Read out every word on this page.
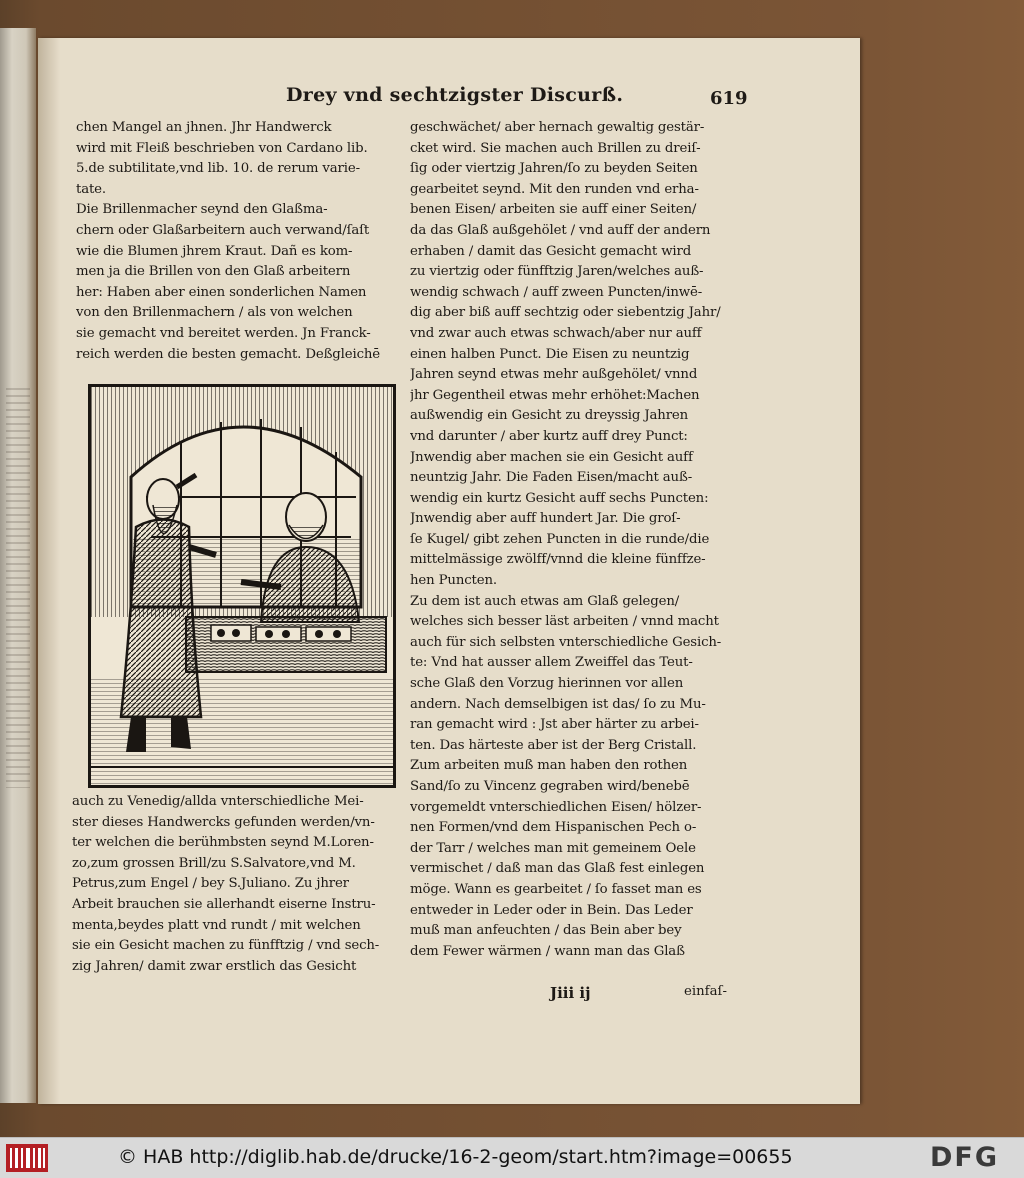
Drey vnd sechtzigster Discurß.	619
chen Mangel an jhnen. Jhr Handwerck
wird mit Fleiß beschrieben von Cardano lib.
5.de subtilitate,vnd lib. 10. de rerum varie-
tate.
Die Brillenmacher seynd den Glaßma-
chern oder Glaßarbeitern auch verwand/ſaſt
wie die Blumen jhrem Kraut. Dañ es kom-
men ja die Brillen von den Glaß arbeitern
her: Haben aber einen sonderlichen Namen
von den Brillenmachern / als von welchen
sie gemacht vnd bereitet werden. Jn Franck-
reich werden die besten gemacht. Deßgleichē
auch zu Venedig/allda vnterschiedliche Mei-
ster dieses Handwercks gefunden werden/vn-
ter welchen die berühmbsten seynd M.Loren-
zo,zum grossen Brill/zu S.Salvatore,vnd M.
Petrus,zum Engel / bey S.Juliano. Zu jhrer
Arbeit brauchen sie allerhandt eiserne Instru-
menta,beydes platt vnd rundt / mit welchen
sie ein Gesicht machen zu fünfftzig / vnd sech-
zig Jahren/ damit zwar erstlich das Gesicht
geschwächet/ aber hernach gewaltig gestär-
cket wird. Sie machen auch Brillen zu dreiſ-
ſig oder viertzig Jahren/ſo zu beyden Seiten
gearbeitet seynd. Mit den runden vnd erha-
benen Eisen/ arbeiten sie auff einer Seiten/
da das Glaß außgehölet / vnd auff der andern
erhaben / damit das Gesicht gemacht wird
zu viertzig oder fünfftzig Jaren/welches auß-
wendig schwach / auff zween Puncten/inwē-
dig aber biß auff sechtzig oder siebentzig Jahr/
vnd zwar auch etwas schwach/aber nur auff
einen halben Punct. Die Eisen zu neuntzig
Jahren seynd etwas mehr außgehölet/ vnnd
jhr Gegentheil etwas mehr erhöhet:Machen
außwendig ein Gesicht zu dreyssig Jahren
vnd darunter / aber kurtz auff drey Punct:
Jnwendig aber machen sie ein Gesicht auff
neuntzig Jahr. Die Faden Eisen/macht auß-
wendig ein kurtz Gesicht auff sechs Puncten:
Jnwendig aber auff hundert Jar. Die groſ-
ſe Kugel/ gibt zehen Puncten in die runde/die
mittelmässige zwölff/vnnd die kleine fünffze-
hen Puncten.
Zu dem ist auch etwas am Glaß gelegen/
welches sich besser läst arbeiten / vnnd macht
auch für sich selbsten vnterschiedliche Gesich-
te: Vnd hat ausser allem Zweiffel das Teut-
sche Glaß den Vorzug hierinnen vor allen
andern. Nach demselbigen ist das/ ſo zu Mu-
ran gemacht wird : Jst aber härter zu arbei-
ten. Das härteste aber ist der Berg Cristall.
Zum arbeiten muß man haben den rothen
Sand/ſo zu Vincenz gegraben wird/benebē
vorgemeldt vnterschiedlichen Eisen/ hölzer-
nen Formen/vnd dem Hispanischen Pech o-
der Tarr / welches man mit gemeinem Oele
vermischet / daß man das Glaß fest einlegen
möge. Wann es gearbeitet / ſo fasset man es
entweder in Leder oder in Bein. Das Leder
muß man anfeuchten / das Bein aber bey
dem Fewer wärmen / wann man das Glaß
Jiii ij	einfaſ-
© HAB http://diglib.hab.de/drucke/16-2-geom/start.htm?image=00655	DFG
